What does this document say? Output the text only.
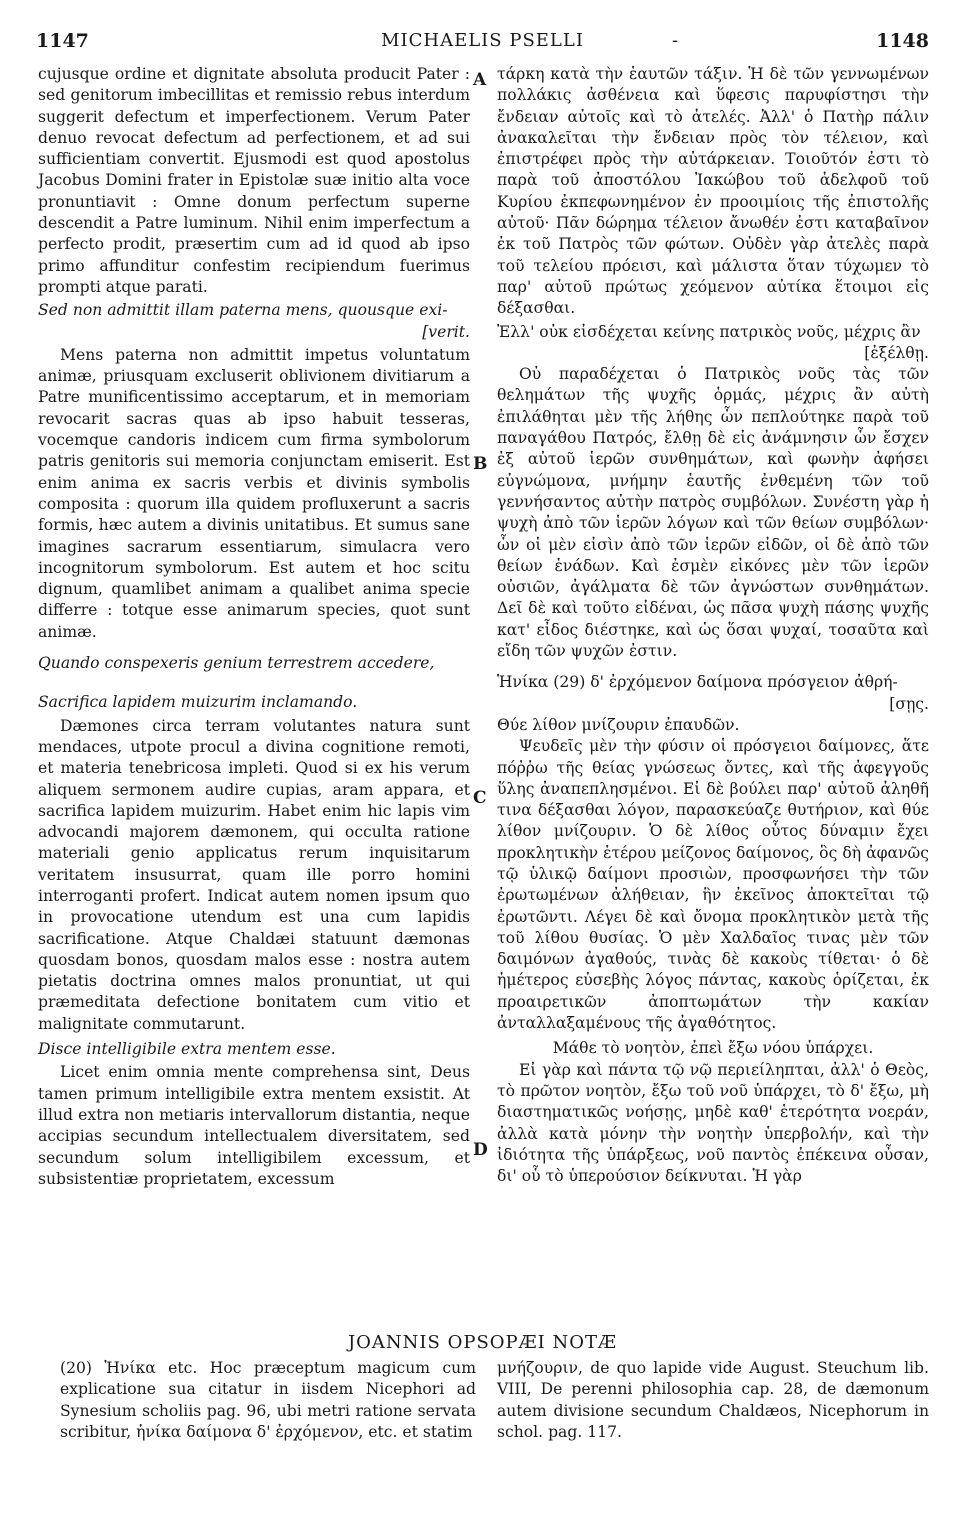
1147	MICHAELIS PSELLI	-	1148
A
B
C
D

cujusque ordine et dignitate absoluta producit Pater : sed genitorum imbecillitas et remissio rebus interdum suggerit defectum et imperfectionem. Verum Pater denuo revocat defectum ad perfectionem, et ad sui sufficientiam convertit. Ejusmodi est quod apostolus Jacobus Domini frater in Epistolæ suæ initio alta voce pronuntiavit : Omne donum perfectum superne descendit a Patre luminum. Nihil enim imperfectum a perfecto prodit, præsertim cum ad id quod ab ipso primo affunditur confestim recipiendum fuerimus prompti atque parati.

Sed non admittit illam paterna mens, quousque exi-

[verit.

Mens paterna non admittit impetus voluntatum animæ, priusquam excluserit oblivionem divitiarum a Patre munificentissimo acceptarum, et in memoriam revocarit sacras quas ab ipso habuit tesseras, vocemque candoris indicem cum firma symbolorum patris genitoris sui memoria conjunctam emiserit. Est enim anima ex sacris verbis et divinis symbolis composita : quorum illa quidem profluxerunt a sacris formis, hæc autem a divinis unitatibus. Et sumus sane imagines sacrarum essentiarum, simulacra vero incognitorum symbolorum. Est autem et hoc scitu dignum, quamlibet animam a qualibet anima specie differre : totque esse animarum species, quot sunt animæ.

Quando conspexeris genium terrestrem accedere,

Sacrifica lapidem muizurim inclamando.

Dæmones circa terram volutantes natura sunt mendaces, utpote procul a divina cognitione remoti, et materia tenebricosa impleti. Quod si ex his verum aliquem sermonem audire cupias, aram appara, et sacrifica lapidem muizurim. Habet enim hic lapis vim advocandi majorem dæmonem, qui occulta ratione materiali genio applicatus rerum inquisitarum veritatem insusurrat, quam ille porro homini interroganti profert. Indicat autem nomen ipsum quo in provocatione utendum est una cum lapidis sacrificatione. Atque Chaldæi statuunt dæmonas quosdam bonos, quosdam malos esse : nostra autem pietatis doctrina omnes malos pronuntiat, ut qui præmeditata defectione bonitatem cum vitio et malignitate commutarunt.

Disce intelligibile extra mentem esse.

Licet enim omnia mente comprehensa sint, Deus tamen primum intelligibile extra mentem exsistit. At illud extra non metiaris intervallorum distantia, neque accipias secundum intellectualem diversitatem, sed secundum solum intelligibilem excessum, et subsistentiæ proprietatem, excessum

τάρκη κατὰ τὴν ἑαυτῶν τάξιν. Ἡ δὲ τῶν γεννωμένων πολλάκις ἀσθένεια καὶ ὕφεσις παρυφίστησι τὴν ἔνδειαν αὐτοῖς καὶ τὸ ἀτελές. Ἀλλ' ὁ Πατὴρ πάλιν ἀνακαλεῖται τὴν ἔνδειαν πρὸς τὸν τέλειον, καὶ ἐπιστρέφει πρὸς τὴν αὐτάρκειαν. Τοιοῦτόν ἐστι τὸ παρὰ τοῦ ἀποστόλου Ἰακώβου τοῦ ἀδελφοῦ τοῦ Κυρίου ἐκπεφωνημένον ἐν προοιμίοις τῆς ἐπιστολῆς αὐτοῦ· Πᾶν δώρημα τέλειον ἄνωθέν ἐστι καταβαῖνον ἐκ τοῦ Πατρὸς τῶν φώτων. Οὐδὲν γὰρ ἀτελὲς παρὰ τοῦ τελείου πρόεισι, καὶ μάλιστα ὅταν τύχωμεν τὸ παρ' αὐτοῦ πρώτως χεόμενον αὐτίκα ἕτοιμοι εἰς δέξασθαι.

Ἐλλ' οὐκ εἰσδέχεται κείνης πατρικὸς νοῦς, μέχρις ἂν

[ἐξέλθῃ.

Οὐ παραδέχεται ὁ Πατρικὸς νοῦς τὰς τῶν θελημάτων τῆς ψυχῆς ὁρμάς, μέχρις ἂν αὐτὴ ἐπιλάθηται μὲν τῆς λήθης ὧν πεπλούτηκε παρὰ τοῦ παναγάθου Πατρός, ἔλθῃ δὲ εἰς ἀνάμνησιν ὧν ἔσχεν ἐξ αὐτοῦ ἱερῶν συνθημάτων, καὶ φωνὴν ἀφήσει εὐγνώμονα, μνήμην ἑαυτῆς ἐνθεμένη τῶν τοῦ γεννήσαντος αὐτὴν πατρὸς συμβόλων. Συνέστη γὰρ ἡ ψυχὴ ἀπὸ τῶν ἱερῶν λόγων καὶ τῶν θείων συμβόλων· ὧν οἱ μὲν εἰσὶν ἀπὸ τῶν ἱερῶν εἰδῶν, οἱ δὲ ἀπὸ τῶν θείων ἑνάδων. Καὶ ἐσμὲν εἰκόνες μὲν τῶν ἱερῶν οὐσιῶν, ἀγάλματα δὲ τῶν ἀγνώστων συνθημάτων. Δεῖ δὲ καὶ τοῦτο εἰδέναι, ὡς πᾶσα ψυχὴ πάσης ψυχῆς κατ' εἶδος διέστηκε, καὶ ὡς ὅσαι ψυχαί, τοσαῦτα καὶ εἴδη τῶν ψυχῶν ἐστιν.

Ἡνίκα (29) δ' ἐρχόμενον δαίμονα πρόσγειον ἀθρή-

[σῃς.

Θύε λίθον μνίζουριν ἐπαυδῶν.

Ψευδεῖς μὲν τὴν φύσιν οἱ πρόσγειοι δαίμονες, ἅτε πόῤῥω τῆς θείας γνώσεως ὄντες, καὶ τῆς ἀφεγγοῦς ὕλης ἀναπεπλησμένοι. Εἰ δὲ βούλει παρ' αὐτοῦ ἀληθῆ τινα δέξασθαι λόγον, παρασκεύαζε θυτήριον, καὶ θύε λίθον μνίζουριν. Ὁ δὲ λίθος οὗτος δύναμιν ἔχει προκλητικὴν ἑτέρου μείζονος δαίμονος, ὃς δὴ ἀφανῶς τῷ ὑλικῷ δαίμονι προσιὼν, προσφωνήσει τὴν τῶν ἐρωτωμένων ἀλήθειαν, ἣν ἐκεῖνος ἀποκτεῖται τῷ ἐρωτῶντι. Λέγει δὲ καὶ ὄνομα προκλητικὸν μετὰ τῆς τοῦ λίθου θυσίας. Ὁ μὲν Χαλδαῖος τινας μὲν τῶν δαιμόνων ἀγαθούς, τινὰς δὲ κακοὺς τίθεται· ὁ δὲ ἡμέτερος εὐσεβὴς λόγος πάντας, κακοὺς ὁρίζεται, ἐκ προαιρετικῶν ἀποπτωμάτων τὴν κακίαν ἀνταλλαξαμένους τῆς ἀγαθότητος.

Μάθε τὸ νοητὸν, ἐπεὶ ἔξω νόου ὑπάρχει.

Εἰ γὰρ καὶ πάντα τῷ νῷ περιείληπται, ἀλλ' ὁ Θεὸς, τὸ πρῶτον νοητὸν, ἔξω τοῦ νοῦ ὑπάρχει, τὸ δ' ἔξω, μὴ διαστηματικῶς νοήσῃς, μηδὲ καθ' ἑτερότητα νοεράν, ἀλλὰ κατὰ μόνην τὴν νοητὴν ὑπερβολήν, καὶ τὴν ἰδιότητα τῆς ὑπάρξεως, νοῦ παντὸς ἐπέκεινα οὖσαν, δι' οὗ τὸ ὑπερούσιον δείκνυται. Ἡ γὰρ

JOANNIS OPSOPÆI NOTÆ
(20) Ἡνίκα etc. Hoc præceptum magicum cum explicatione sua citatur in iisdem Nicephori ad Synesium scholiis pag. 96, ubi metri ratione servata scribitur, ἡνίκα δαίμονα δ' ἐρχόμενον, etc. et statim
μνήζουριν, de quo lapide vide August. Steuchum lib. VIII, De perenni philosophia cap. 28, de dæmonum autem divisione secundum Chaldæos, Nicephorum in schol. pag. 117.
